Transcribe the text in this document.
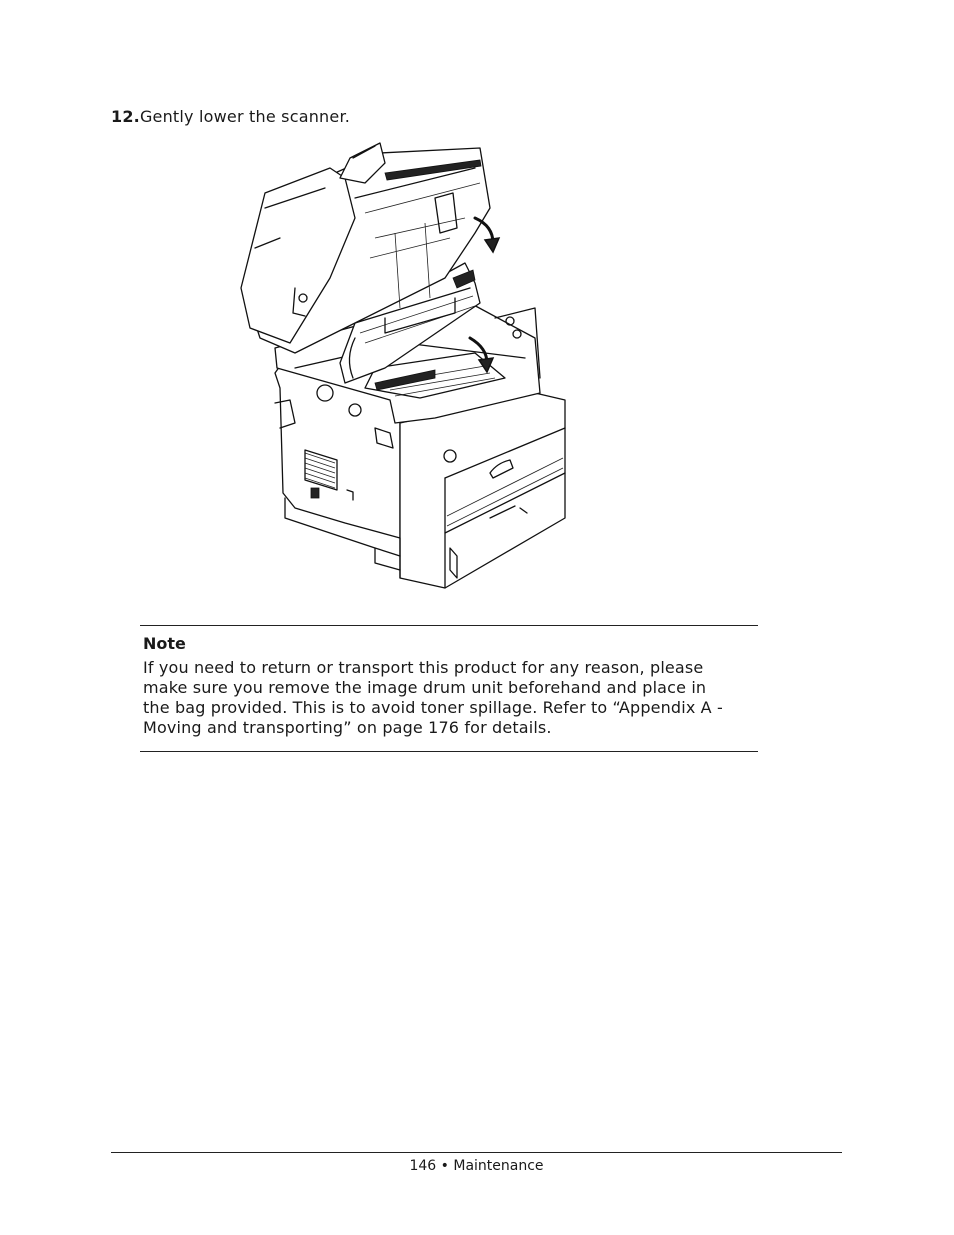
12.Gently lower the scanner.
Note
If you need to return or transport this product for any reason, please
make sure you remove the image drum unit beforehand and place in
the bag provided. This is to avoid toner spillage. Refer to “Appendix A -
Moving and transporting” on page 176 for details.
146 • Maintenance
